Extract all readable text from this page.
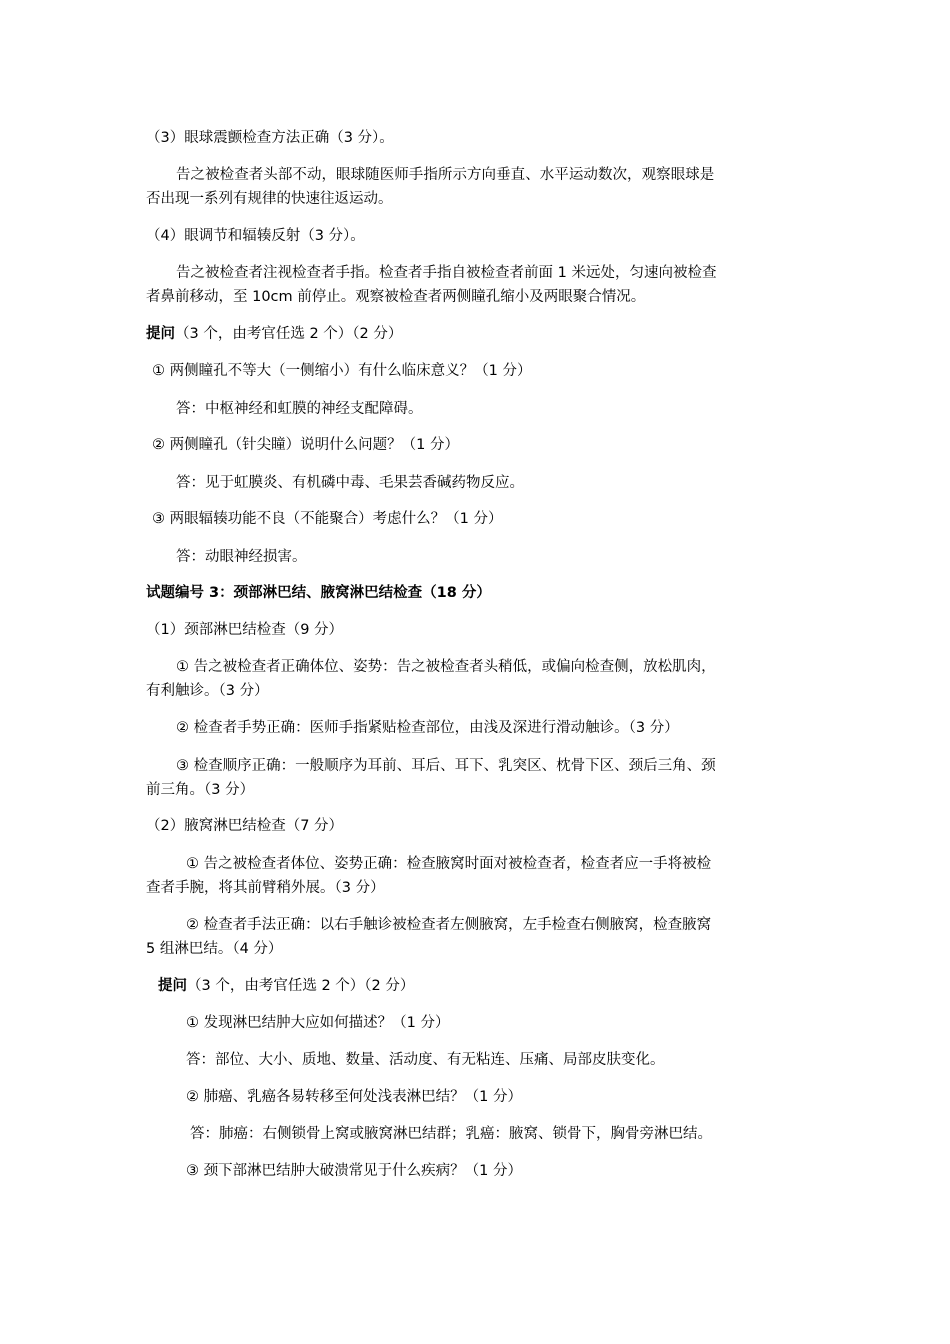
（3）眼球震颤检查方法正确（3 分）。
告之被检查者头部不动，眼球随医师手指所示方向垂直、水平运动数次，观察眼球是
否出现一系列有规律的快速往返运动。
（4）眼调节和辐辏反射（3 分）。
告之被检查者注视检查者手指。检查者手指自被检查者前面 1 米远处，匀速向被检查
者鼻前移动，至 10cm 前停止。观察被检查者两侧瞳孔缩小及两眼聚合情况。
提问（3 个，由考官任选 2 个）（2 分）
① 两侧瞳孔不等大（一侧缩小）有什么临床意义？（1 分）
答：中枢神经和虹膜的神经支配障碍。
② 两侧瞳孔（针尖瞳）说明什么问题？（1 分）
答：见于虹膜炎、有机磷中毒、毛果芸香碱药物反应。
③ 两眼辐辏功能不良（不能聚合）考虑什么？（1 分）
答：动眼神经损害。
试题编号 3：颈部淋巴结、腋窝淋巴结检查（18 分）
（1）颈部淋巴结检查（9 分）
① 告之被检查者正确体位、姿势：告之被检查者头稍低，或偏向检查侧，放松肌肉，
有利触诊。（3 分）
② 检查者手势正确：医师手指紧贴检查部位，由浅及深进行滑动触诊。（3 分）
③ 检查顺序正确：一般顺序为耳前、耳后、耳下、乳突区、枕骨下区、颈后三角、颈
前三角。（3 分）
（2）腋窝淋巴结检查（7 分）
① 告之被检查者体位、姿势正确：检查腋窝时面对被检查者，检查者应一手将被检
查者手腕，将其前臂稍外展。（3 分）
② 检查者手法正确：以右手触诊被检查者左侧腋窝，左手检查右侧腋窝，检查腋窝
5 组淋巴结。（4 分）
提问（3 个，由考官任选 2 个）（2 分）
① 发现淋巴结肿大应如何描述？（1 分）
答：部位、大小、质地、数量、活动度、有无粘连、压痛、局部皮肤变化。
② 肺癌、乳癌各易转移至何处浅表淋巴结？（1 分）
答：肺癌：右侧锁骨上窝或腋窝淋巴结群；乳癌：腋窝、锁骨下，胸骨旁淋巴结。
③ 颈下部淋巴结肿大破溃常见于什么疾病？（1 分）
